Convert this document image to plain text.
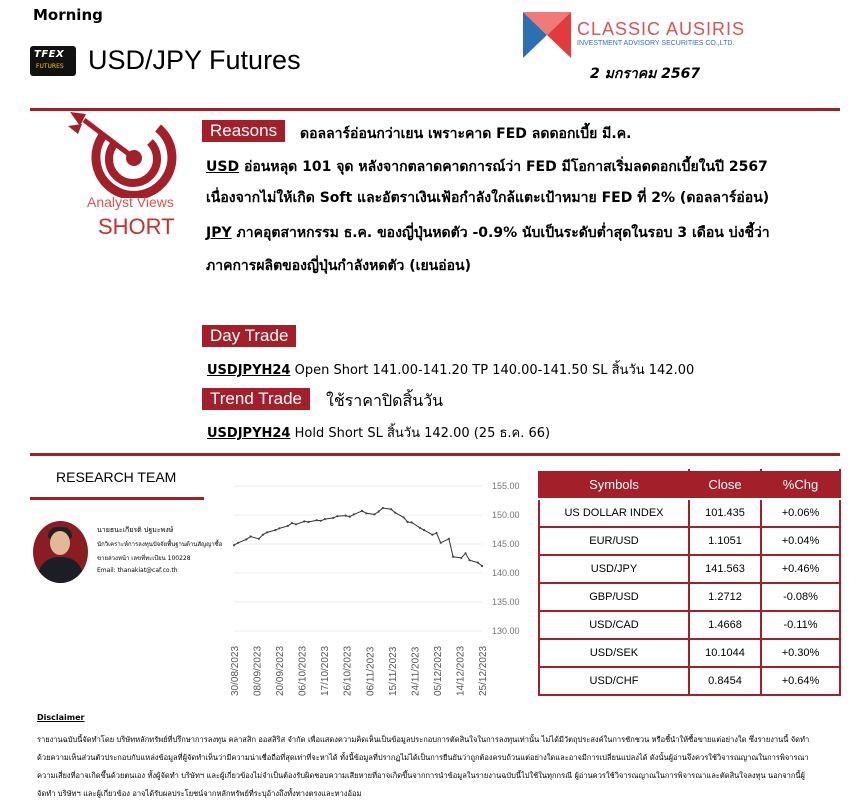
Morning
TFEX
FUTURES USD/JPY Futures
CLASSIC AUSIRIS
INVESTMENT ADVISORY SECURITIES CO.,LTD.
2 มกราคม 2567
Analyst Views
SHORT
Reasons	ดอลลาร์อ่อนกว่าเยน เพราะคาด FED ลดดอกเบี้ย มี.ค.
USD อ่อนหลุด 101 จุด หลังจากตลาดคาดการณ์ว่า FED มีโอกาสเริ่มลดดอกเบี้ยในปี 2567
เนื่องจากไม่ให้เกิด Soft และอัตราเงินเฟ้อกำลังใกล้แตะเป้าหมาย FED ที่ 2% (ดอลลาร์อ่อน)
JPY ภาคอุตสาหกรรม ธ.ค. ของญี่ปุ่นหดตัว -0.9% นับเป็นระดับต่ำสุดในรอบ 3 เดือน บ่งชี้ว่า
ภาคการผลิตของญี่ปุ่นกำลังหดตัว (เยนอ่อน)
Day Trade
USDJPYH24 Open Short 141.00-141.20 TP 140.00-141.50 SL สิ้นวัน 142.00
Trend Trade	ใช้ราคาปิดสิ้นวัน
USDJPYH24 Hold Short SL สิ้นวัน 142.00 (25 ธ.ค. 66)
RESEARCH TEAM
นายธนะเกียรติ ปฐมะพงษ์
นักวิเคราะห์การลงทุนปัจจัยพื้นฐานด้านสัญญาซื้อ
ขายล่วงหน้า เลขที่ทะเบียน 100228
Email: thanakiat@caf.co.th
155.00
150.00
145.00
140.00
135.00
130.00
30/08/2023 08/09/2023 20/09/2023 06/10/2023 17/10/2023 26/10/2023 06/11/2023 15/11/2023 24/11/2023 05/12/2023 14/12/2023 25/12/2023
Symbols	Close	%Chg
US DOLLAR INDEX	101.435	+0.06%
EUR/USD	1.1051	+0.04%
USD/JPY	141.563	+0.46%
GBP/USD	1.2712	-0.08%
USD/CAD	1.4668	-0.11%
USD/SEK	10.1044	+0.30%
USD/CHF	0.8454	+0.64%
Disclaimer
รายงานฉบับนี้จัดทำโดย บริษัทหลักทรัพย์ที่ปรึกษาการลงทุน คลาสสิก ออสสิริส จำกัด เพื่อแสดงความคิดเห็นเป็นข้อมูลประกอบการตัดสินใจในการลงทุนเท่านั้น ไม่ได้มีวัตถุประสงค์ในการชักชวน หรือชี้นำให้ซื้อขายแต่อย่างใด ซึ่งรายงานนี้ จัดทำด้วยความเห็นส่วนตัวประกอบกับแหล่งข้อมูลที่ผู้จัดทำเห็นว่ามีความน่าเชื่อถือที่สุดเท่าที่จะหาได้ ทั้งนี้ข้อมูลที่ปรากฏไม่ได้เป็นการยืนยันว่าถูกต้องครบถ้วนแต่อย่างใดและอาจมีการเปลี่ยนแปลงได้ ดังนั้นผู้อ่านจึงควรใช้วิจารณญาณในการพิจารณาความเสี่ยงที่อาจเกิดขึ้นด้วยตนเอง ทั้งผู้จัดทำ บริษัทฯ และผู้เกี่ยวข้องไม่จำเป็นต้องรับผิดชอบความเสียหายที่อาจเกิดขึ้นจากการนำข้อมูลในรายงานฉบับนี้ไปใช้ในทุกกรณี ผู้อ่านควรใช้วิจารณญาณในการพิจารณาและตัดสินใจลงทุน นอกจากนี้ผู้จัดทำ บริษัทฯ และผู้เกี่ยวข้อง อาจได้รับผลประโยชน์จากหลักทรัพย์ที่ระบุอ้างถึงทั้งทางตรงและทางอ้อม
